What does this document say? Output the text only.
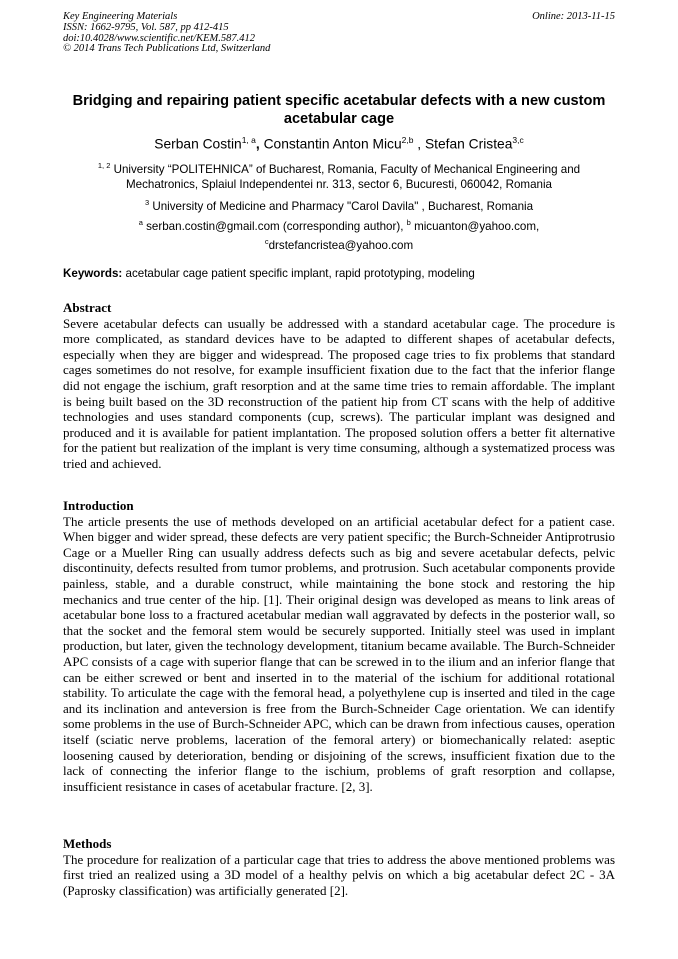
Key Engineering Materials
ISSN: 1662-9795, Vol. 587, pp 412-415
doi:10.4028/www.scientific.net/KEM.587.412
© 2014 Trans Tech Publications Ltd, Switzerland
Online: 2013-11-15
Bridging and repairing patient specific acetabular defects with a new custom acetabular cage
Serban Costin$^{1, a}$, Constantin Anton Micu$^{2,b}$ , Stefan Cristea$^{3,c}$
$^{1, 2}$ University “POLITEHNICA” of Bucharest, Romania, Faculty of Mechanical Engineering and Mechatronics, Splaiul Independentei nr. 313, sector 6, Bucuresti, 060042, Romania
$^3$ University of Medicine and Pharmacy "Carol Davila" , Bucharest, Romania
$^a$ serban.costin@gmail.com (corresponding author), $^b$ micuanton@yahoo.com,
$^c$drstefancristea@yahoo.com
Keywords: acetabular cage patient specific implant, rapid prototyping, modeling
Abstract

Severe acetabular defects can usually be addressed with a standard acetabular cage. The procedure is more complicated, as standard devices have to be adapted to different shapes of acetabular defects, especially when they are bigger and widespread. The proposed cage tries to fix problems that standard cages sometimes do not resolve, for example insufficient fixation due to the fact that the inferior flange did not engage the ischium, graft resorption and at the same time tries to remain affordable. The implant is being built based on the 3D reconstruction of the patient hip from CT scans with the help of additive technologies and uses standard components (cup, screws). The particular implant was designed and produced and it is available for patient implantation. The proposed solution offers a better fit alternative for the patient but realization of the implant is very time consuming, although a systematized process was tried and achieved.

Introduction

The article presents the use of methods developed on an artificial acetabular defect for a patient case. When bigger and wider spread, these defects are very patient specific; the Burch-Schneider Antiprotrusio Cage or a Mueller Ring can usually address defects such as big and severe acetabular defects, pelvic discontinuity, defects resulted from tumor problems, and protrusion. Such acetabular components provide painless, stable, and a durable construct, while maintaining the bone stock and restoring the hip mechanics and true center of the hip. [1]. Their original design was developed as means to link areas of acetabular bone loss to a fractured acetabular median wall aggravated by defects in the posterior wall, so that the socket and the femoral stem would be securely supported. Initially steel was used in implant production, but later, given the technology development, titanium became available. The Burch-Schneider APC consists of a cage with superior flange that can be screwed in to the ilium and an inferior flange that can be either screwed or bent and inserted in to the material of the ischium for additional rotational stability. To articulate the cage with the femoral head, a polyethylene cup is inserted and tiled in the cage and its inclination and anteversion is free from the Burch-Schneider Cage orientation. We can identify some problems in the use of Burch-Schneider APC, which can be drawn from infectious causes, operation itself (sciatic nerve problems, laceration of the femoral artery) or biomechanically related: aseptic loosening caused by deterioration, bending or disjoining of the screws, insufficient fixation due to the lack of connecting the inferior flange to the ischium, problems of graft resorption and collapse, insufficient resistance in cases of acetabular fracture. [2, 3].

Methods

The procedure for realization of a particular cage that tries to address the above mentioned problems was first tried an realized using a 3D model of a healthy pelvis on which a big acetabular defect 2C - 3A (Paprosky classification) was artificially generated [2].
